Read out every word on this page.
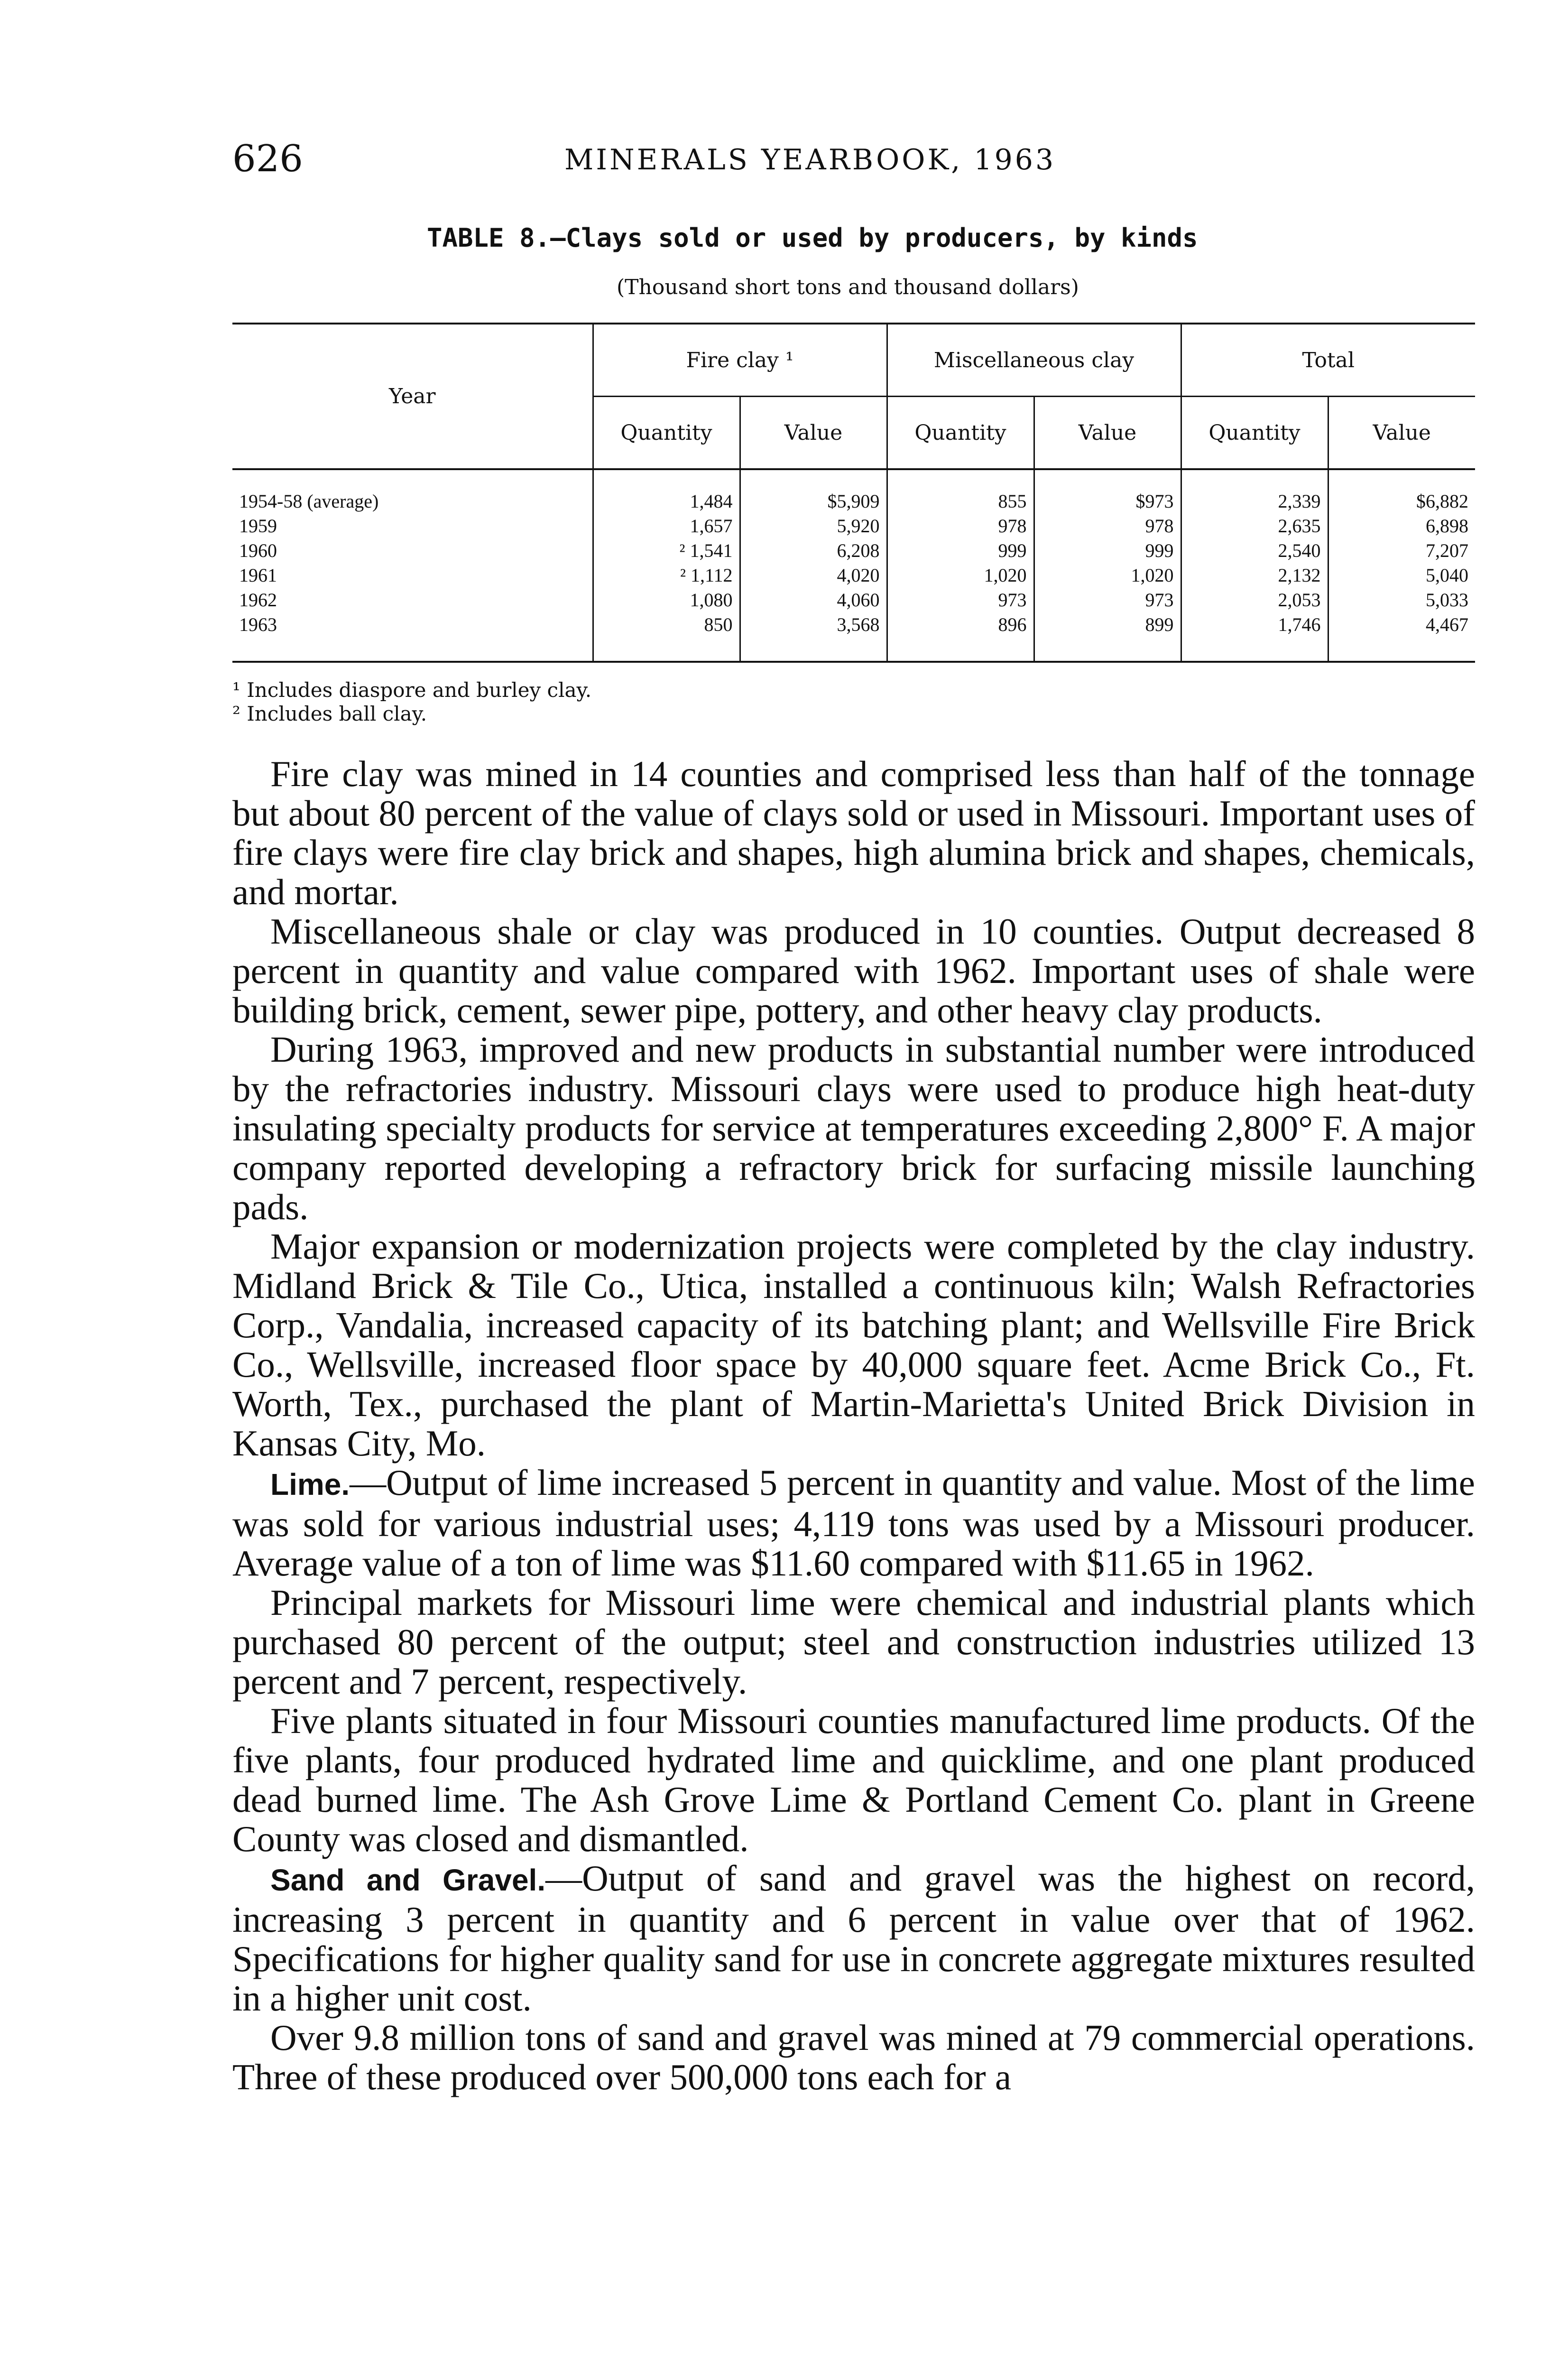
626	MINERALS YEARBOOK, 1963
TABLE 8.—Clays sold or used by producers, by kinds
(Thousand short tons and thousand dollars)
Year	Fire clay ¹		Miscellaneous clay		Total	
	Quantity	Value	Quantity	Value	Quantity	Value
1954-58 (average)	1,484	$5,909	855	$973	2,339	$6,882
1959	1,657	5,920	978	978	2,635	6,898
1960	² 1,541	6,208	999	999	2,540	7,207
1961	² 1,112	4,020	1,020	1,020	2,132	5,040
1962	1,080	4,060	973	973	2,053	5,033
1963	850	3,568	896	899	1,746	4,467
¹ Includes diaspore and burley clay.
² Includes ball clay.

Fire clay was mined in 14 counties and comprised less than half of the tonnage but about 80 percent of the value of clays sold or used in Missouri. Important uses of fire clays were fire clay brick and shapes, high alumina brick and shapes, chemicals, and mortar.

Miscellaneous shale or clay was produced in 10 counties. Output decreased 8 percent in quantity and value compared with 1962. Important uses of shale were building brick, cement, sewer pipe, pottery, and other heavy clay products.

During 1963, improved and new products in substantial number were introduced by the refractories industry. Missouri clays were used to produce high heat-duty insulating specialty products for service at temperatures exceeding 2,800° F. A major company reported developing a refractory brick for surfacing missile launching pads.

Major expansion or modernization projects were completed by the clay industry. Midland Brick & Tile Co., Utica, installed a continuous kiln; Walsh Refractories Corp., Vandalia, increased capacity of its batching plant; and Wellsville Fire Brick Co., Wellsville, increased floor space by 40,000 square feet. Acme Brick Co., Ft. Worth, Tex., purchased the plant of Martin-Marietta's United Brick Division in Kansas City, Mo.

Lime.—Output of lime increased 5 percent in quantity and value. Most of the lime was sold for various industrial uses; 4,119 tons was used by a Missouri producer. Average value of a ton of lime was $11.60 compared with $11.65 in 1962.

Principal markets for Missouri lime were chemical and industrial plants which purchased 80 percent of the output; steel and construction industries utilized 13 percent and 7 percent, respectively.

Five plants situated in four Missouri counties manufactured lime products. Of the five plants, four produced hydrated lime and quicklime, and one plant produced dead burned lime. The Ash Grove Lime & Portland Cement Co. plant in Greene County was closed and dismantled.

Sand and Gravel.—Output of sand and gravel was the highest on record, increasing 3 percent in quantity and 6 percent in value over that of 1962. Specifications for higher quality sand for use in concrete aggregate mixtures resulted in a higher unit cost.

Over 9.8 million tons of sand and gravel was mined at 79 commercial operations. Three of these produced over 500,000 tons each for a
